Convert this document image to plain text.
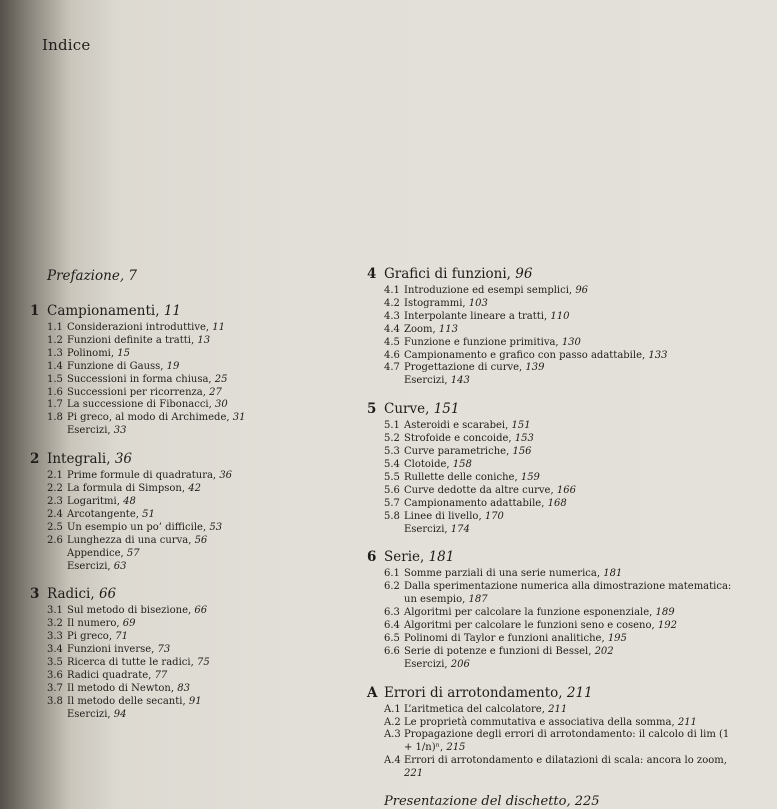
Indice
Prefazione, 7
1 Campionamenti,
11
1.1 Considerazioni introduttive, 11
1.2 Funzioni definite a tratti, 13
1.3 Polinomi, 15
1.4 Funzione di Gauss, 19
1.5 Successioni in forma chiusa, 25
1.6 Successioni per ricorrenza, 27
1.7 La successione di Fibonacci, 30
1.8 Pi greco, al modo di Archimede, 31
Esercizi, 33
2 Integrali,
36
2.1 Prime formule di quadratura, 36
2.2 La formula di Simpson, 42
2.3 Logaritmi, 48
2.4 Arcotangente, 51
2.5 Un esempio un po’ difficile, 53
2.6 Lunghezza di una curva, 56
Appendice, 57
Esercizi, 63
3 Radici,
66
3.1 Sul metodo di bisezione, 66
3.2 Il numero, 69
3.3 Pi greco, 71
3.4 Funzioni inverse, 73
3.5 Ricerca di tutte le radici, 75
3.6 Radici quadrate, 77
3.7 Il metodo di Newton, 83
3.8 Il metodo delle secanti, 91
Esercizi, 94
4 Grafici di funzioni,
96
4.1 Introduzione ed esempi semplici, 96
4.2 Istogrammi, 103
4.3 Interpolante lineare a tratti, 110
4.4 Zoom, 113
4.5 Funzione e funzione primitiva, 130
4.6 Campionamento e grafico con passo adattabile, 133
4.7 Progettazione di curve, 139
Esercizi, 143
5 Curve,
151
5.1 Asteroidi e scarabei, 151
5.2 Strofoide e concoide, 153
5.3 Curve parametriche, 156
5.4 Clotoide, 158
5.5 Rullette delle coniche, 159
5.6 Curve dedotte da altre curve, 166
5.7 Campionamento adattabile, 168
5.8 Linee di livello, 170
Esercizi, 174
6 Serie,
181
6.1 Somme parziali di una serie numerica, 181
6.2 Dalla sperimentazione numerica alla dimostrazione matematica: un esempio, 187
6.3 Algoritmi per calcolare la funzione esponenziale, 189
6.4 Algoritmi per calcolare le funzioni seno e coseno, 192
6.5 Polinomi di Taylor e funzioni analitiche, 195
6.6 Serie di potenze e funzioni di Bessel, 202
Esercizi, 206
A Errori di arrotondamento,
211
A.1 L’aritmetica del calcolatore, 211
A.2 Le proprietà commutativa e associativa della somma, 211
A.3 Propagazione degli errori di arrotondamento: il calcolo di lim (1 + 1/n)ⁿ, 215
A.4 Errori di arrotondamento e dilatazioni di scala: ancora lo zoom, 221
Presentazione del dischetto, 225
